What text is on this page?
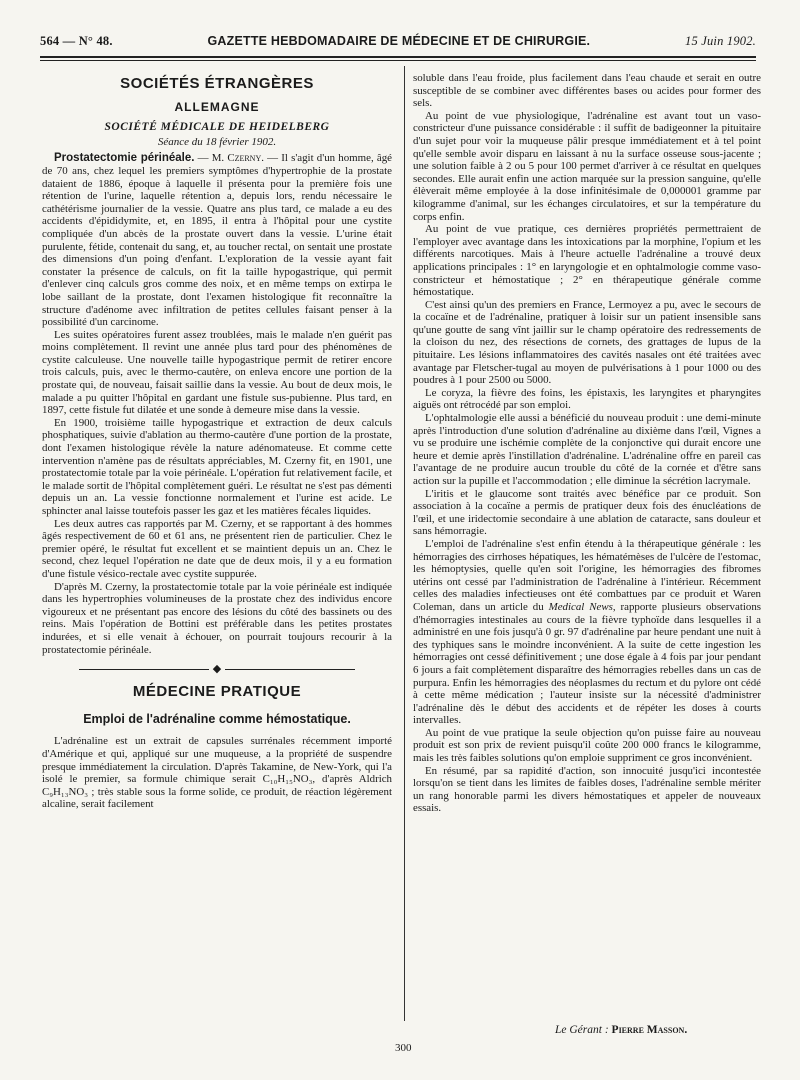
564 — N° 48.	GAZETTE HEBDOMADAIRE DE MÉDECINE ET DE CHIRURGIE.	15 Juin 1902.
SOCIÉTÉS ÉTRANGÈRES
ALLEMAGNE
SOCIÉTÉ MÉDICALE DE HEIDELBERG
Séance du 18 février 1902.

Prostatectomie périnéale. — M. Czerny. — Il s'agit d'un homme, âgé de 70 ans, chez lequel les premiers symptômes d'hypertrophie de la prostate dataient de 1886, époque à laquelle il présenta pour la première fois une rétention de l'urine, laquelle rétention a, depuis lors, rendu nécessaire le cathétérisme journalier de la vessie. Quatre ans plus tard, ce malade a eu des accidents d'épididymite, et, en 1895, il entra à l'hôpital pour une cystite compliquée d'un abcès de la prostate ouvert dans la vessie. L'urine était purulente, fétide, contenait du sang, et, au toucher rectal, on sentait une prostate des dimensions d'un poing d'enfant. L'exploration de la vessie ayant fait constater la présence de calculs, on fit la taille hypogastrique, qui permit d'enlever cinq calculs gros comme des noix, et en même temps on extirpa le lobe saillant de la prostate, dont l'examen histologique fit reconnaître la structure d'adénome avec infiltration de petites cellules faisant penser à la possibilité d'un carcinome.

Les suites opératoires furent assez troublées, mais le malade n'en guérit pas moins complètement. Il revint une année plus tard pour des phénomènes de cystite calculeuse. Une nouvelle taille hypogastrique permit de retirer encore trois calculs, puis, avec le thermo-cautère, on enleva encore une portion de la prostate qui, de nouveau, faisait saillie dans la vessie. Au bout de deux mois, le malade a pu quitter l'hôpital en gardant une fistule sus-pubienne. Plus tard, en 1897, cette fistule fut dilatée et une sonde à demeure mise dans la vessie.

En 1900, troisième taille hypogastrique et extraction de deux calculs phosphatiques, suivie d'ablation au thermo-cautère d'une portion de la prostate, dont l'examen histologique révèle la nature adénomateuse. Et comme cette intervention n'amène pas de résultats appréciables, M. Czerny fit, en 1901, une prostatectomie totale par la voie périnéale. L'opération fut relativement facile, et le malade sortit de l'hôpital complètement guéri. Le résultat ne s'est pas démenti depuis un an. La vessie fonctionne normalement et l'urine est acide. Le sphincter anal laisse toutefois passer les gaz et les matières fécales liquides.

Les deux autres cas rapportés par M. Czerny, et se rapportant à des hommes âgés respectivement de 60 et 61 ans, ne présentent rien de particulier. Chez le premier opéré, le résultat fut excellent et se maintient depuis un an. Chez le second, chez lequel l'opération ne date que de deux mois, il y a eu formation d'une fistule vésico-rectale avec cystite suppurée.

D'après M. Czerny, la prostatectomie totale par la voie périnéale est indiquée dans les hypertrophies volumineuses de la prostate chez des individus encore vigoureux et ne présentant pas encore des lésions du côté des bassinets ou des reins. Mais l'opération de Bottini est préférable dans les petites prostates indurées, et si elle venait à échouer, on pourrait toujours recourir à la prostatectomie périnéale.

◆
MÉDECINE PRATIQUE
Emploi de l'adrénaline comme hémostatique.

L'adrénaline est un extrait de capsules surrénales récemment importé d'Amérique et qui, appliqué sur une muqueuse, a la propriété de suspendre presque immédiatement la circulation. D'après Takamine, de New-York, qui l'a isolé le premier, sa formule chimique serait C₁₀H₁₅NO₃, d'après Aldrich C₉H₁₃NO₃ ; très stable sous la forme solide, ce produit, de réaction légèrement alcaline, serait facilement

soluble dans l'eau froide, plus facilement dans l'eau chaude et serait en outre susceptible de se combiner avec différentes bases ou acides pour former des sels.

Au point de vue physiologique, l'adrénaline est avant tout un vaso-constricteur d'une puissance considérable : il suffit de badigeonner la pituitaire d'un sujet pour voir la muqueuse pâlir presque immédiatement et à tel point qu'elle semble avoir disparu en laissant à nu la surface osseuse sous-jacente ; une solution faible à 2 ou 5 pour 100 permet d'arriver à ce résultat en quelques secondes. Elle aurait enfin une action marquée sur la pression sanguine, qu'elle élèverait même employée à la dose infinitésimale de 0,000001 gramme par kilogramme d'animal, sur les échanges circulatoires, et sur la température du corps enfin.

Au point de vue pratique, ces dernières propriétés permettraient de l'employer avec avantage dans les intoxications par la morphine, l'opium et les différents narcotiques. Mais à l'heure actuelle l'adrénaline a trouvé deux applications principales : 1° en laryngologie et en ophtalmologie comme vaso-constricteur et hémostatique ; 2° en thérapeutique générale comme hémostatique.

C'est ainsi qu'un des premiers en France, Lermoyez a pu, avec le secours de la cocaïne et de l'adrénaline, pratiquer à loisir sur un patient insensible sans qu'une goutte de sang vînt jaillir sur le champ opératoire des redressements de la cloison du nez, des résections de cornets, des grattages de lupus de la pituitaire. Les lésions inflammatoires des cavités nasales ont été traitées avec avantage par Fletscher-tugal au moyen de pulvérisations à 1 pour 1000 ou des poudres à 1 pour 2500 ou 5000.

Le coryza, la fièvre des foins, les épistaxis, les laryngites et pharyngites aiguës ont rétrocédé par son emploi.

L'ophtalmologie elle aussi a bénéficié du nouveau produit : une demi-minute après l'introduction d'une solution d'adrénaline au dixième dans l'œil, Vignes a vu se produire une ischémie complète de la conjonctive qui durait encore une heure et demie après l'instillation d'adrénaline. L'adrénaline offre en pareil cas l'avantage de ne produire aucun trouble du côté de la cornée et d'être sans action sur la pupille et l'accommodation ; elle diminue la sécrétion lacrymale.

L'iritis et le glaucome sont traités avec bénéfice par ce produit. Son association à la cocaïne a permis de pratiquer deux fois des énucléations de l'œil, et une iridectomie secondaire à une ablation de cataracte, sans douleur et sans hémorragie.

L'emploi de l'adrénaline s'est enfin étendu à la thérapeutique générale : les hémorragies des cirrhoses hépatiques, les hématémèses de l'ulcère de l'estomac, les hémoptysies, quelle qu'en soit l'origine, les hémorragies des fibromes utérins ont cessé par l'administration de l'adrénaline à l'intérieur. Récemment celles des maladies infectieuses ont été combattues par ce produit et Waren Coleman, dans un article du Medical News, rapporte plusieurs observations d'hémorragies intestinales au cours de la fièvre typhoïde dans lesquelles il a administré en une fois jusqu'à 0 gr. 97 d'adrénaline par heure pendant une nuit à des typhiques sans le moindre inconvénient. A la suite de cette ingestion les hémorragies ont cessé définitivement ; une dose égale à 4 fois par jour pendant 6 jours a fait complètement disparaître des hémorragies rebelles dans un cas de purpura. Enfin les hémorragies des néoplasmes du rectum et du pylore ont cédé à cette même médication ; l'auteur insiste sur la nécessité d'administrer l'adrénaline dès le début des accidents et de répéter les doses à courts intervalles.

Au point de vue pratique la seule objection qu'on puisse faire au nouveau produit est son prix de revient puisqu'il coûte 200 000 francs le kilogramme, mais les très faibles solutions qu'on emploie suppriment ce gros inconvénient.

En résumé, par sa rapidité d'action, son innocuité jusqu'ici incontestée lorsqu'on se tient dans les limites de faibles doses, l'adrénaline semble mériter un rang honorable parmi les divers hémostatiques et appeler de nouveaux essais.

Le Gérant : Pierre Masson.
300
